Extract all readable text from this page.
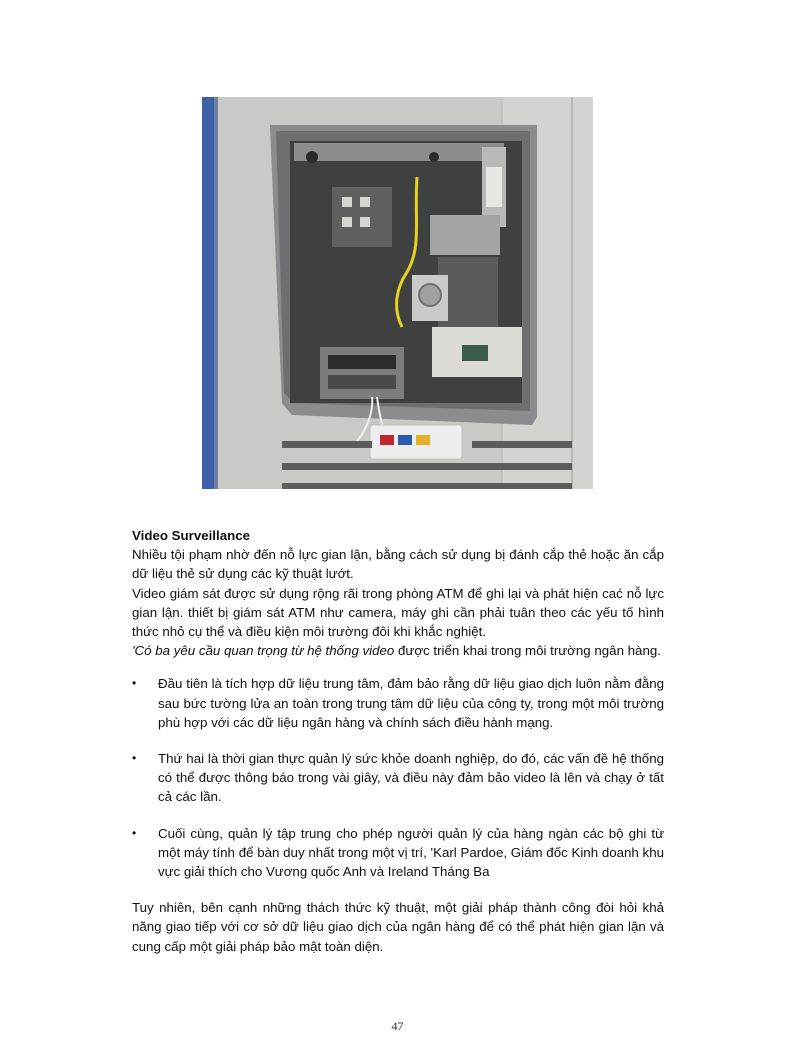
Video Surveillance

Nhiều tội phạm nhờ đến nỗ lực gian lận, bằng cách sử dụng bị đánh cắp thẻ hoặc ăn cắp dữ liệu thẻ sử dụng các kỹ thuật lướt.

Video giám sát được sử dụng rộng rãi trong phòng ATM để ghi lại và phát hiện cać nỗ lực gian lận. thiết bị giám sát ATM như camera, máy ghi cần phải tuân theo các yếu tố hình thức nhỏ cụ thể và điều kiện môi trường đôi khi khắc nghiệt.

'Có ba yêu cầu quan trọng từ hệ thống video được triển khai trong môi trường ngân hàng.

• Đầu tiên là tích hợp dữ liệu trung tâm, đảm bảo rằng dữ liệu giao dịch luôn nằm đằng sau bức tường lửa an toàn trong trung tâm dữ liệu của công ty, trong một môi trường phù hợp với các dữ liệu ngân hàng và chính sách điều hành mạng.
• Thứ hai là thời gian thực quản lý sức khỏe doanh nghiệp, do đó, các vấn đề hệ thống có thể được thông báo trong vài giây, và điều này đảm bảo video là lên và chạy ở tất cả các lần.
• Cuối cùng, quản lý tập trung cho phép người quản lý của hàng ngàn các bộ ghi từ một máy tính để bàn duy nhất trong một vị trí, 'Karl Pardoe, Giám đốc Kinh doanh khu vực giải thích cho Vương quốc Anh và Ireland Tháng Ba

Tuy nhiên, bên cạnh những thách thức kỹ thuật, một giải pháp thành công đòi hỏi khả năng giao tiếp với cơ sở dữ liệu giao dịch của ngân hàng để có thể phát hiện gian lận và cung cấp một giải pháp bảo mật toàn diện.

47
